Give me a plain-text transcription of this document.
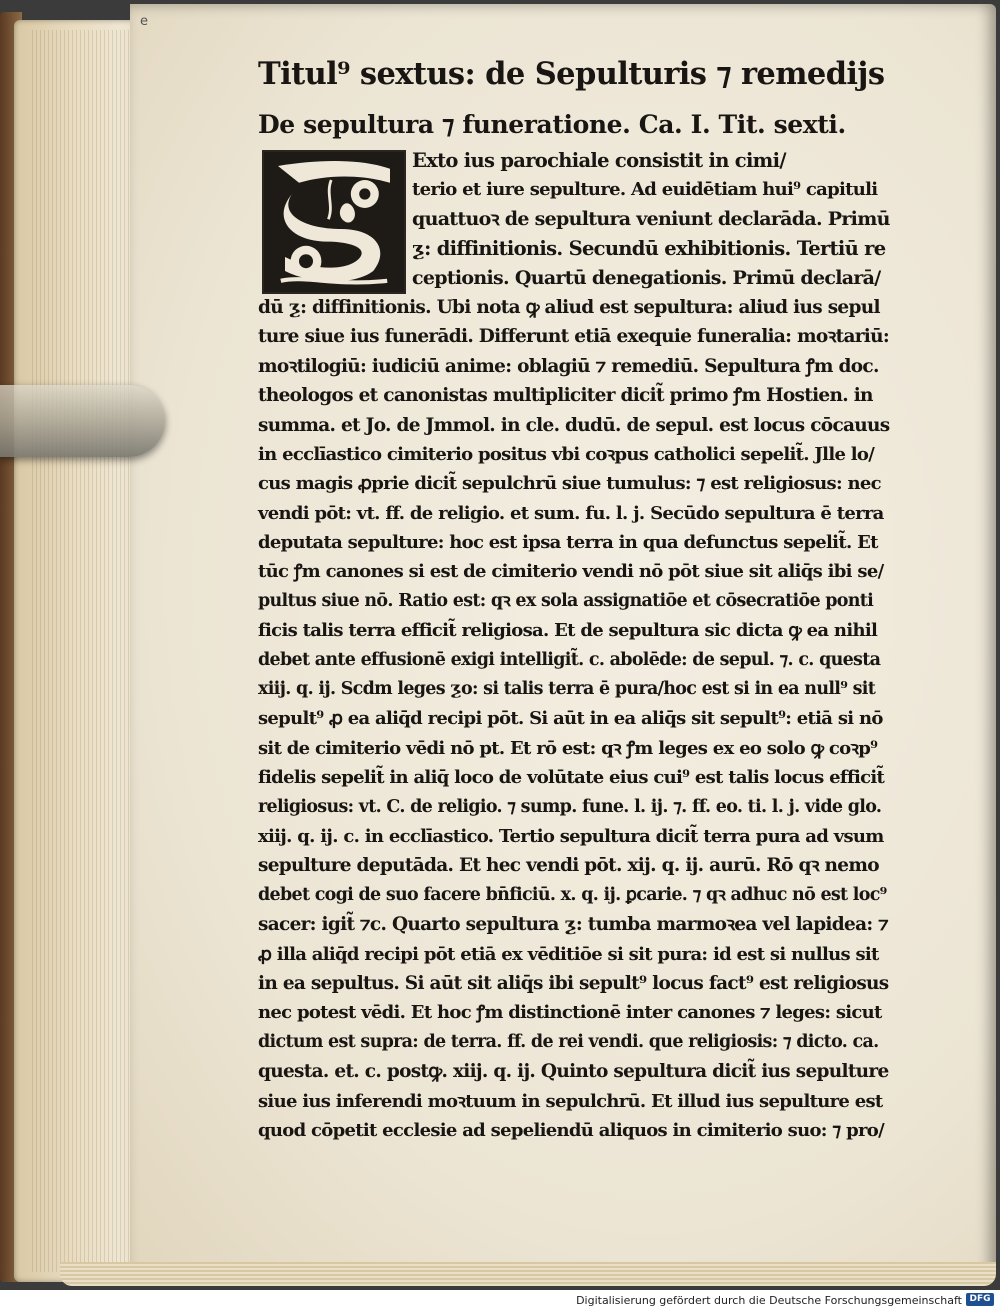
e
Titul⁹ sextus: de Sepulturis ⁊ remedijs
De sepultura ⁊ funeratione. Ca. I. Tit. sexti.
Exto ius parochiale consistit in cimi/
terio et iure sepulture. Ad euidētiam hui⁹ capituli
quattuoꝛ de sepultura veniunt declarāda. Primū
ƺ: diffinitionis. Secundū exhibitionis. Tertiū re
ceptionis. Quartū denegationis. Primū declarā/
dū ƺ: diffinitionis. Ubi nota ꝙ aliud est sepultura: aliud ius sepul
ture siue ius funerādi. Differunt etiā exequie funeralia: moꝛtariū:
moꝛtilogiū: iudiciū anime: oblagiū ⁊ remediū. Sepultura ꝭm doc.
theologos et canonistas multipliciter dicit̃ primo ꝭm Hostien. in
summa. et Jo. de Jmmol. in cle. dudū. de sepul. est locus cōcauus
in ecclīastico cimiterio positus vbi coꝛpus catholici sepelit̃. Jlle lo/
cus magis ꝓprie dicit̃ sepulchrū siue tumulus: ⁊ est religiosus: nec
vendi pōt: vt. ff. de religio. et sum. fu. l. j. Secūdo sepultura ē terra
deputata sepulture: hoc est ipsa terra in qua defunctus sepelit̃. Et
tūc ꝭm canones si est de cimiterio vendi nō pōt siue sit aliq̄s ibi se/
pultus siue nō. Ratio est: qꝛ ex sola assignatiōe et cōsecratiōe ponti
ficis talis terra efficit̃ religiosa. Et de sepultura sic dicta ꝙ ea nihil
debet ante effusionē exigi intelligit̃. c. abolēde: de sepul. ⁊. c. questa
xiij. q. ij. Scdm leges ƺo: si talis terra ē pura/hoc est si in ea null⁹ sit
sepult⁹ ꝓ ea aliq̄d recipi pōt. Si aūt in ea aliq̄s sit sepult⁹: etiā si nō
sit de cimiterio vēdi nō pt. Et rō est: qꝛ ꝭm leges ex eo solo ꝙ coꝛp⁹
fidelis sepelit̃ in aliq̄ loco de volūtate eius cui⁹ est talis locus efficit̃
religiosus: vt. C. de religio. ⁊ sump. fune. l. ij. ⁊. ff. eo. ti. l. j. vide glo.
xiij. q. ij. c. in ecclīastico. Tertio sepultura dicit̃ terra pura ad vsum
sepulture deputāda. Et hec vendi pōt. xij. q. ij. aurū. Rō qꝛ nemo
debet cogi de suo facere bn̄ficiū. x. q. ij. ꝑcarie. ⁊ qꝛ adhuc nō est loc⁹
sacer: igit̃ ⁊c. Quarto sepultura ƺ: tumba marmoꝛea vel lapidea: ⁊
ꝓ illa aliq̄d recipi pōt etiā ex vēditiōe si sit pura: id est si nullus sit
in ea sepultus. Si aūt sit aliq̄s ibi sepult⁹ locus fact⁹ est religiosus
nec potest vēdi. Et hoc ꝭm distinctionē inter canones ⁊ leges: sicut
dictum est supra: de terra. ff. de rei vendi. que religiosis: ⁊ dicto. ca.
questa. et. c. postꝙ. xiij. q. ij. Quinto sepultura dicit̃ ius sepulture
siue ius inferendi moꝛtuum in sepulchrū. Et illud ius sepulture est
quod cōpetit ecclesie ad sepeliendū aliquos in cimiterio suo: ⁊ pro/
Digitalisierung gefördert durch die Deutsche Forschungsgemeinschaft DFG
